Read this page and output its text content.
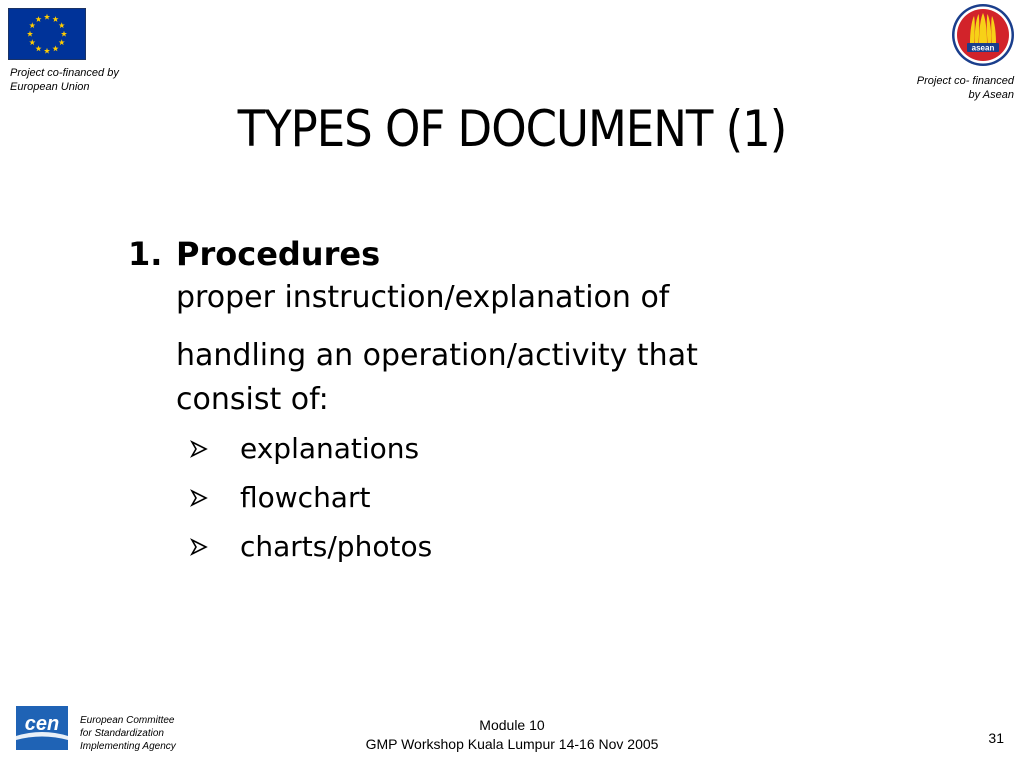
Project co-financed by
European Union
asean
Project co- financed
by Asean
TYPES OF DOCUMENT (1)
1. Procedures
proper instruction/explanation of
handling an operation/activity that
consist of:
explanations
flowchart
charts/photos
cen European Committee
for Standardization
Implementing Agency
Module 10
GMP Workshop Kuala Lumpur 14-16 Nov 2005	31
